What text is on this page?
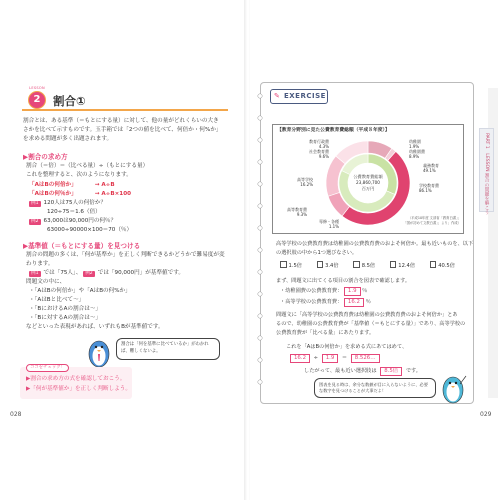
LESSON
2	割合①
割合とは、ある基準（＝もとにする量）に対して、他の量がどれくらいの大き
さかを比べて示すものです。玉手箱では「2つの値を比べて、何倍か・何%か」
を求める問題が多く出題されます。
▶割合の求め方
割合（＝倍）＝（比べる量）÷（もとにする量）
これを整理すると、次のようになります。
「AはBの何倍か」	→ A÷B
「AはBの何％か」	→ A÷B×100
例1 120人は75人の何倍か？
120÷75＝1.6（倍）
例2 63,000は90,000円の何％？
63000÷90000×100＝70（％）
▶基準値（＝もとにする量）を見つける
割合の問題の多くは、「何が基準か」を正しく判断できるかどうかで難易度が変
わります。
例1 では「75人」、 例2 では「90,000円」が基準値です。
問題文の中に、
・「AはBの何倍か」や「AはBの何%か」
・「AはBと比べて〜」
・「BにおけるAの割合は〜」
・「Bに対するAの割合は〜」
などといった表現があれば、いずれもBが基準値です。
割合は「何を基準に比べているか」がわかれば、難しくないよ。
ココをチェック！
▶割合の求め方の式を確認しておこう。
▶「何が基準値か」を正しく判断しよう。
028
✎ EXERCISE
【教育分野別に見た公費教育費総額（平成８年度）】
公費教育費総額
23,860,700
百万円
教育行政費
4.3%
社会教育費
9.6%
幼稚園
1.9%
幼稚園費
8.9%
義務教育
49.1%
高等学校
16.2%	学校教育費
86.1%
高等教育費
9.3%
専修・各種
1.1%
（平成10年度 文部省「教育白書」」
「国が初めて文教白書」」より」作成）
高等学校の公費教育費は幼稚園の公費教育費のおよそ何倍か。最も近いものを、以下
の選択肢の中から1つ選びなさい。
1.5倍	3.4倍	8.5倍	12.4倍	40.5倍
まず、問題文に出てくる項目の割合を図表で確認します。
・幼稚園費の公費教育費： 1.9 ％
・高等学校の公費教育費： 16.2 ％
問題文に「高等学校の公費教育費は幼稚園の公費教育費のおよそ何倍か」とあ
るので、幼稚園の公費教育費が「基準値（＝もとにする量）」であり、高等学校の
公費教育費が「比べる量」にあたります。
これを「AはBの何倍か」を求める式にあてはめて、
16.2 ÷ 1.9 ＝ 8.526…
したがって、最も近い選択肢は 8.5倍 です。
図表を見る時は、余分な数値が目に入らないように、必要な数字を見つけることが大事だよ！
029
PART 1　LESSON 割合の問題を解こう
